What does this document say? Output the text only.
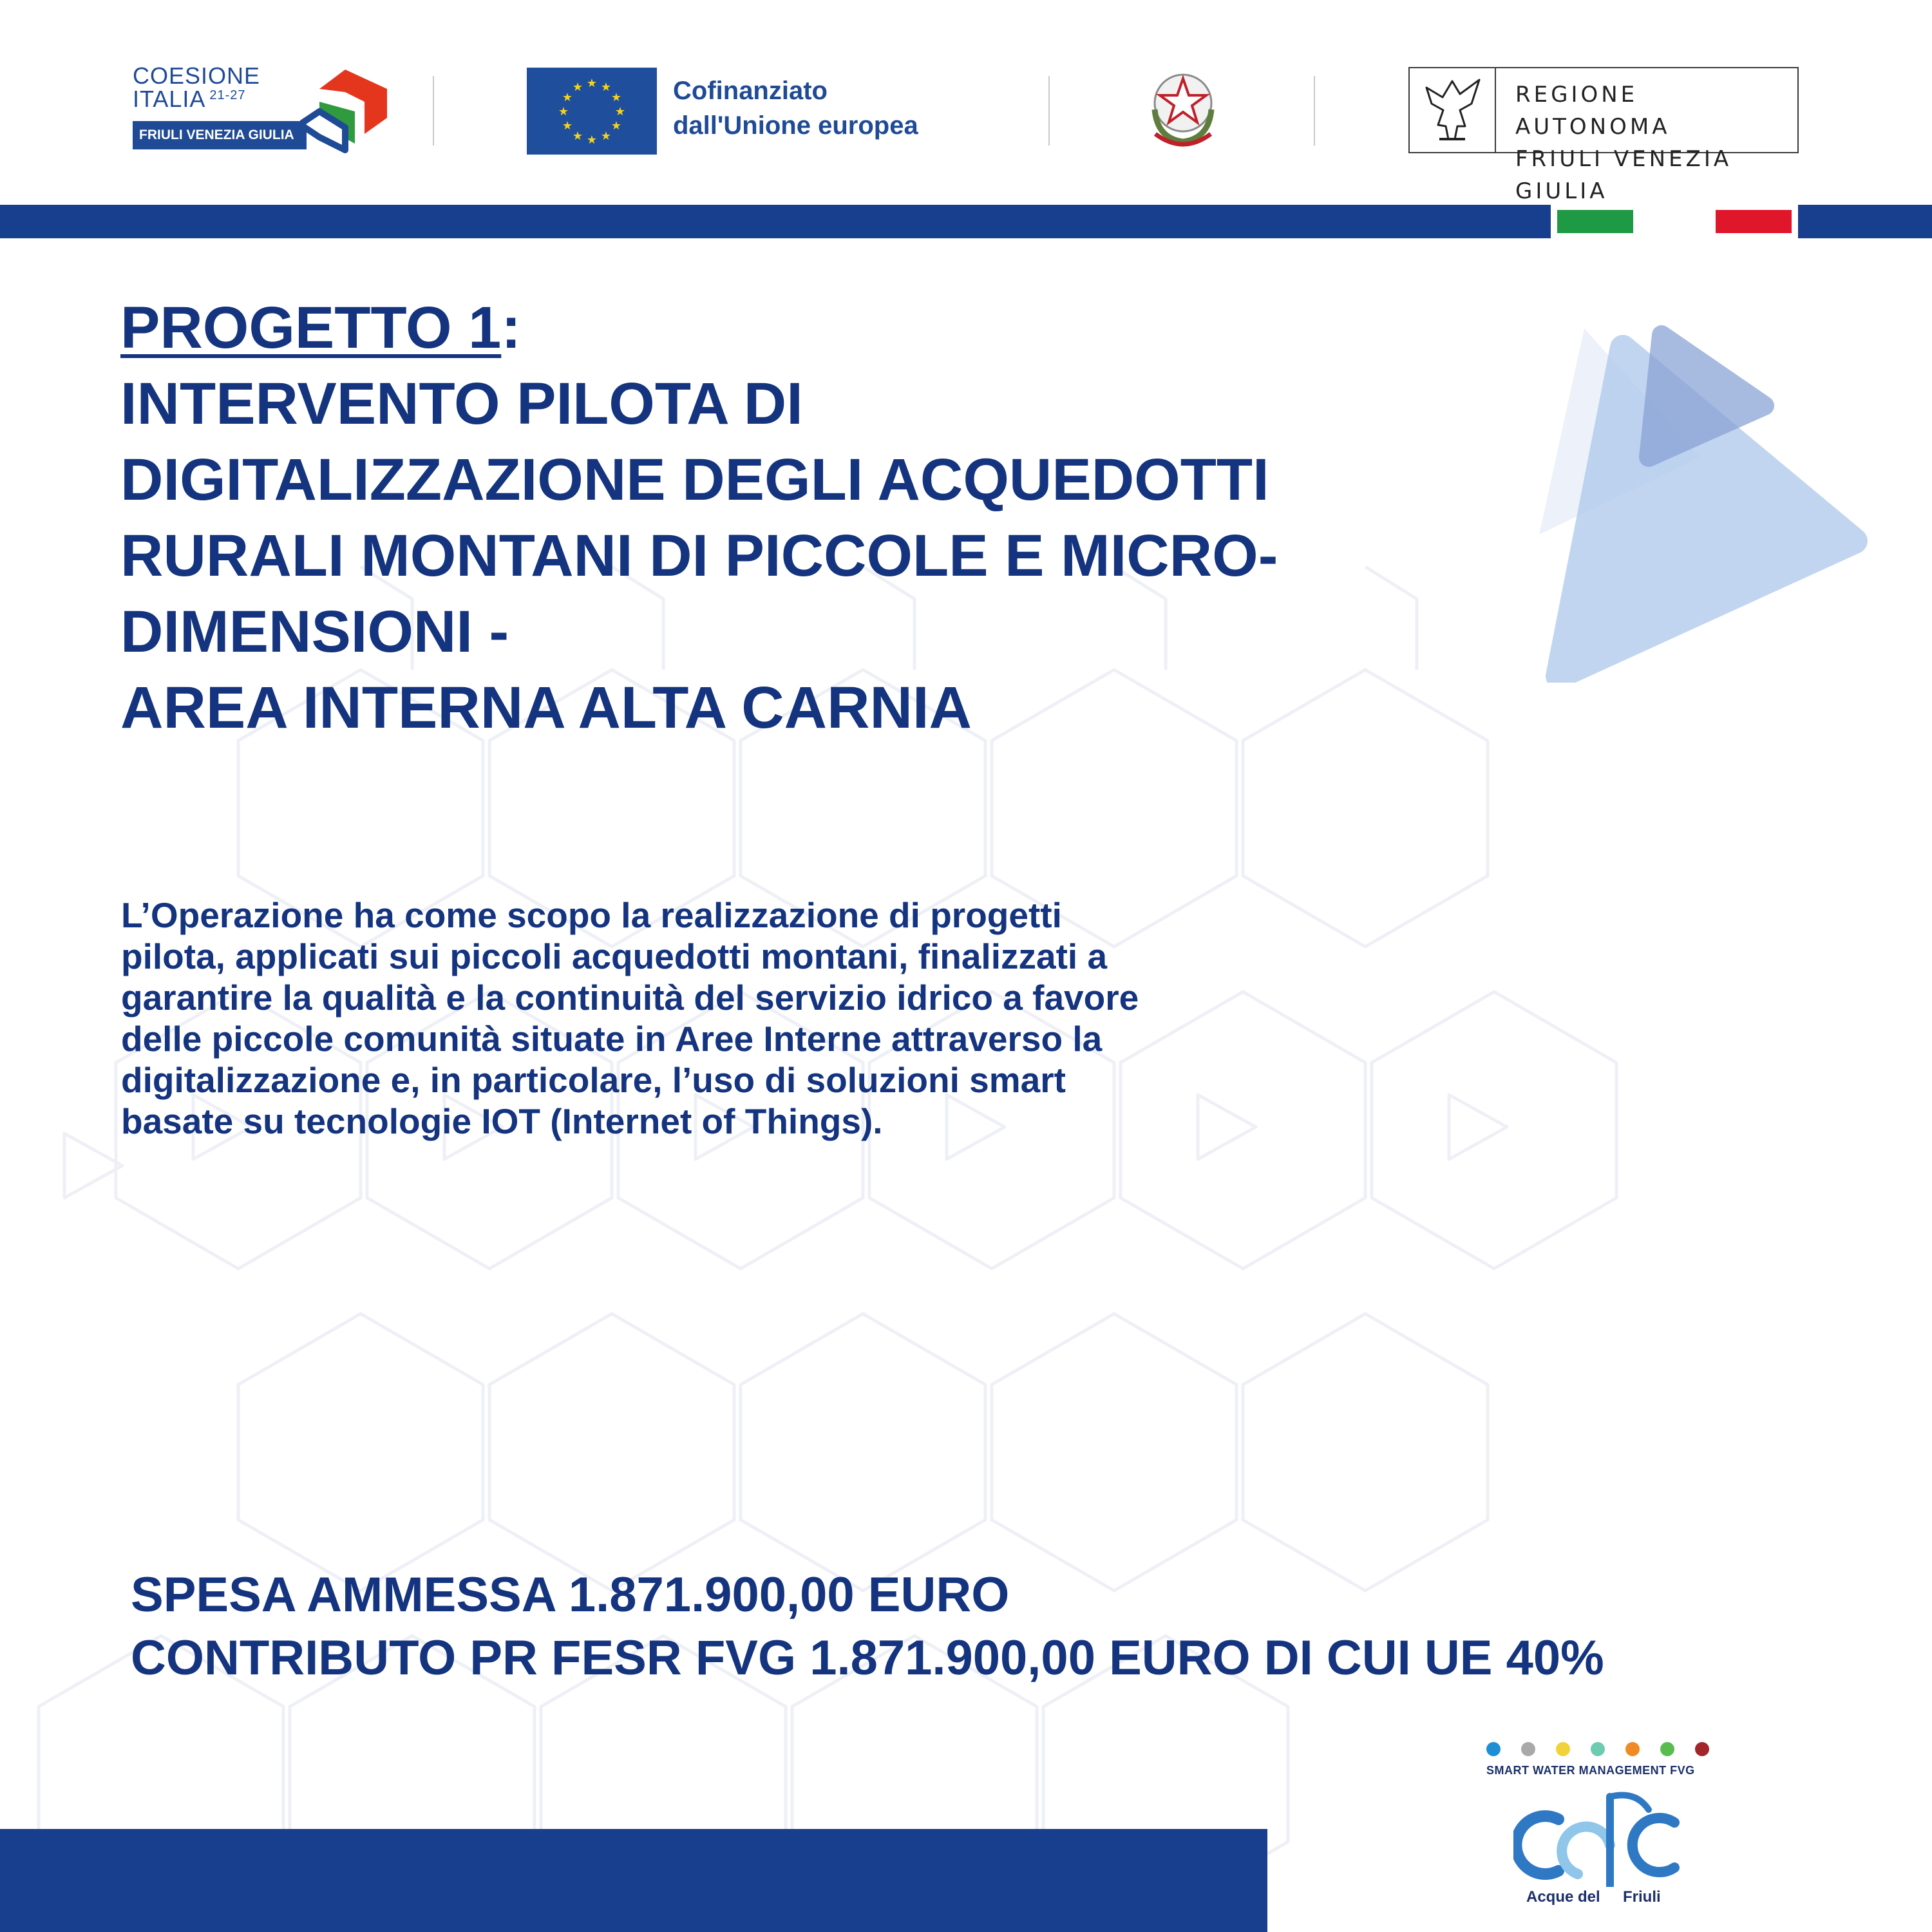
COESIONE
ITALIA $^{21-27}$
FRIULI VENEZIA GIULIA
★ ★
★
★
★
★
★
★
★
★
★
★	Cofinanziato
dall'Unione europea
REGIONE AUTONOMA
FRIULI VENEZIA GIULIA
PROGETTO 1:
INTERVENTO PILOTA DI
DIGITALIZZAZIONE DEGLI ACQUEDOTTI
RURALI MONTANI DI PICCOLE E MICRO-
DIMENSIONI -
AREA INTERNA ALTA CARNIA
L’Operazione ha come scopo la realizzazione di progetti
pilota, applicati sui piccoli acquedotti montani, finalizzati a
garantire la qualità e la continuità del servizio idrico a favore
delle piccole comunità situate in Aree Interne attraverso la
digitalizzazione e, in particolare, l’uso di soluzioni smart
basate su tecnologie IOT (Internet of Things).
SPESA AMMESSA 1.871.900,00 EURO
CONTRIBUTO PR FESR FVG 1.871.900,00 EURO DI CUI UE 40%
SMART WATER MANAGEMENT FVG
Acque del Friuli
